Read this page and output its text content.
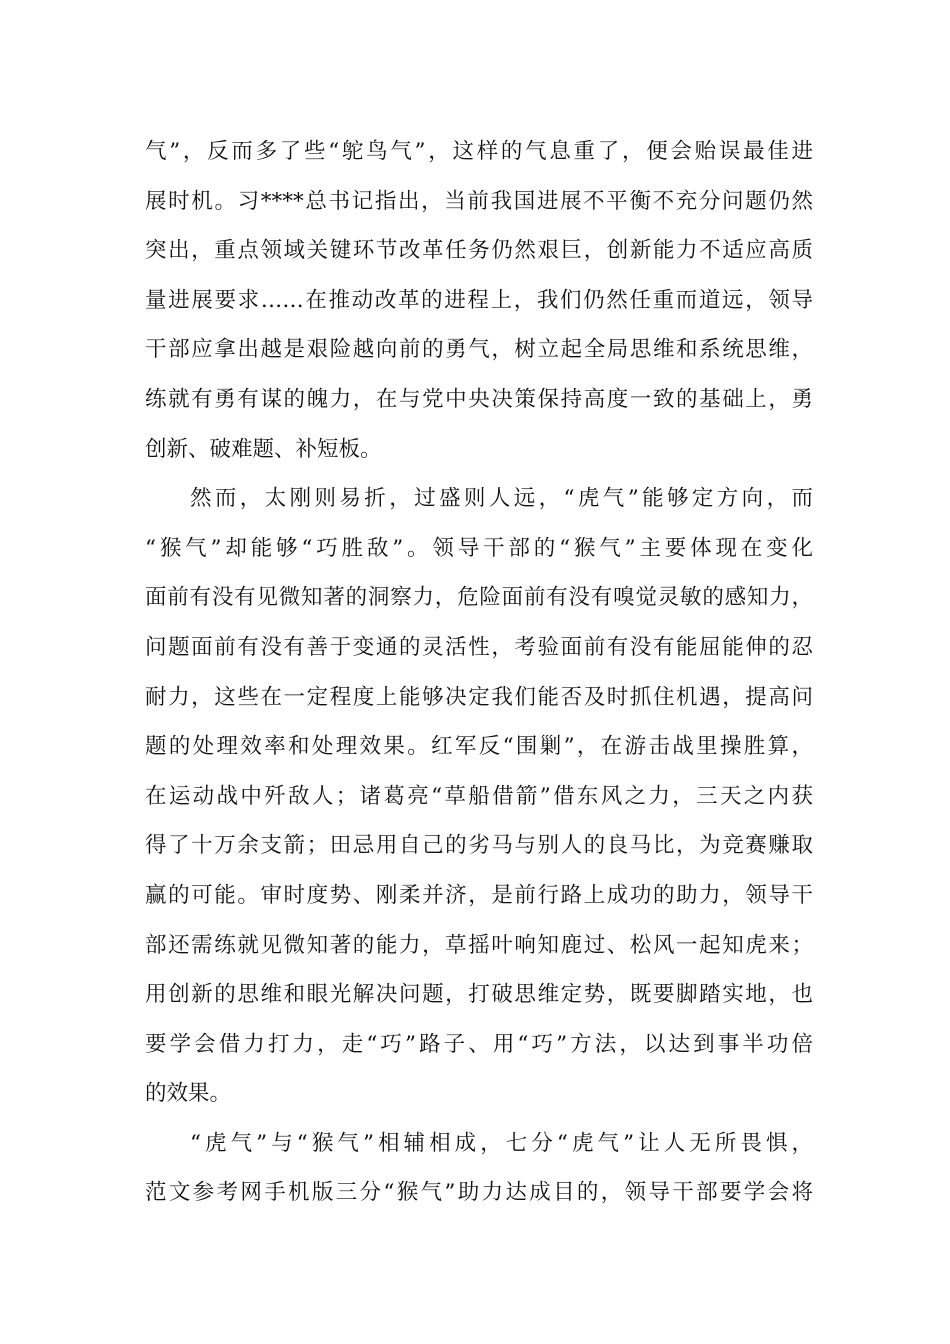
气”，反而多了些“鸵鸟气”，这样的气息重了，便会贻误最佳进
展时机。习****总书记指出，当前我国进展不平衡不充分问题仍然
突出，重点领域关键环节改革任务仍然艰巨，创新能力不适应高质
量进展要求……在推动改革的进程上，我们仍然任重而道远，领导
干部应拿出越是艰险越向前的勇气，树立起全局思维和系统思维，
练就有勇有谋的魄力，在与党中央决策保持高度一致的基础上，勇
创新、破难题、补短板。
然而，太刚则易折，过盛则人远，“虎气”能够定方向，而
“猴气”却能够“巧胜敌”。领导干部的“猴气”主要体现在变化
面前有没有见微知著的洞察力，危险面前有没有嗅觉灵敏的感知力，
问题面前有没有善于变通的灵活性，考验面前有没有能屈能伸的忍
耐力，这些在一定程度上能够决定我们能否及时抓住机遇，提高问
题的处理效率和处理效果。红军反“围剿”，在游击战里操胜算，
在运动战中歼敌人；诸葛亮“草船借箭”借东风之力，三天之内获
得了十万余支箭；田忌用自己的劣马与别人的良马比，为竞赛赚取
赢的可能。审时度势、刚柔并济，是前行路上成功的助力，领导干
部还需练就见微知著的能力，草摇叶响知鹿过、松风一起知虎来；
用创新的思维和眼光解决问题，打破思维定势，既要脚踏实地，也
要学会借力打力，走“巧”路子、用“巧”方法，以达到事半功倍
的效果。
“虎气”与“猴气”相辅相成，七分“虎气”让人无所畏惧，
范文参考网手机版三分“猴气”助力达成目的，领导干部要学会将
